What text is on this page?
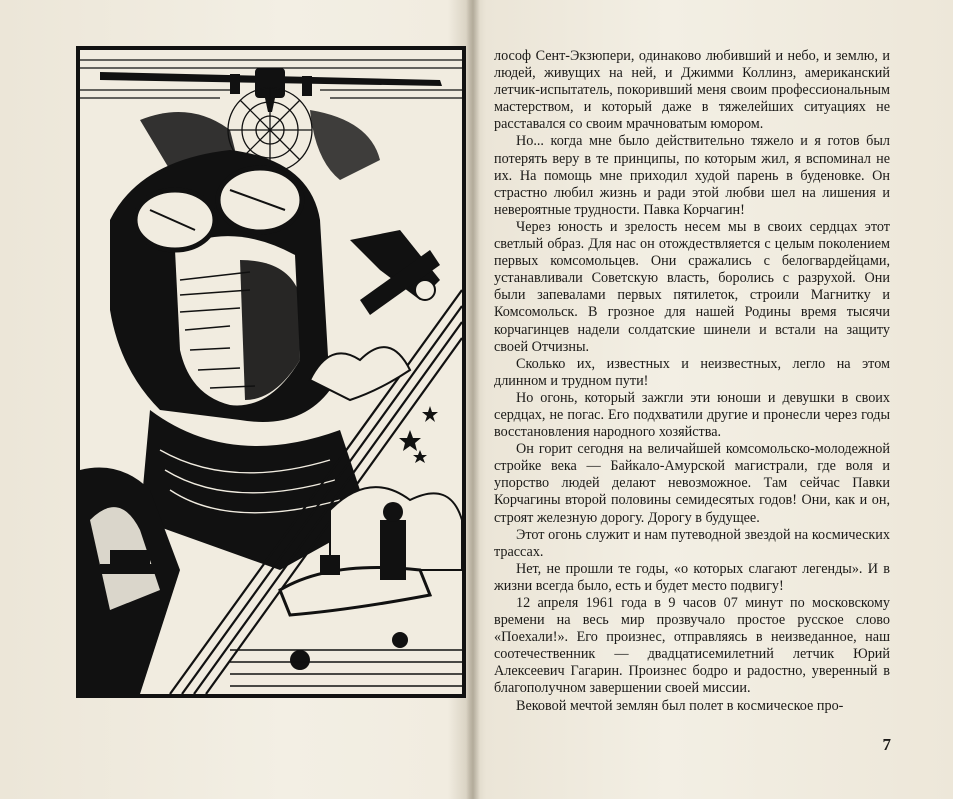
лософ Сент-Экзюпери, одинаково любивший и небо, и землю, и людей, живущих на ней, и Джимми Коллинз, американский летчик-испытатель, покоривший меня своим профессиональным мастерством, и который даже в тяжелейших ситуациях не расставался со своим мрачноватым юмором.

Но... когда мне было действительно тяжело и я готов был потерять веру в те принципы, по которым жил, я вспоминал не их. На помощь мне приходил худой парень в буденовке. Он страстно любил жизнь и ради этой любви шел на лишения и невероятные трудности. Павка Корчагин!

Через юность и зрелость несем мы в своих сердцах этот светлый образ. Для нас он отождествляется с целым поколением первых комсомольцев. Они сражались с белогвардейцами, устанавливали Советскую власть, боролись с разрухой. Они были запевалами первых пятилеток, строили Магнитку и Комсомольск. В грозное для нашей Родины время тысячи корчагинцев надели солдатские шинели и встали на защиту своей Отчизны.

Сколько их, известных и неизвестных, легло на этом длинном и трудном пути!

Но огонь, который зажгли эти юноши и девушки в своих сердцах, не погас. Его подхватили другие и пронесли через годы восстановления народного хозяйства.

Он горит сегодня на величайшей комсомольско-молодежной стройке века — Байкало-Амурской магистрали, где воля и упорство людей делают невозможное. Там сейчас Павки Корчагины второй половины семидесятых годов! Они, как и он, строят железную дорогу. Дорогу в будущее.

Этот огонь служит и нам путеводной звездой на космических трассах.

Нет, не прошли те годы, «о которых слагают легенды». И в жизни всегда было, есть и будет место подвигу!

12 апреля 1961 года в 9 часов 07 минут по московскому времени на весь мир прозвучало простое русское слово «Поехали!». Его произнес, отправляясь в неизведанное, наш соотечественник — двадцатисемилетний летчик Юрий Алексеевич Гагарин. Произнес бодро и радостно, уверенный в благополучном завершении своей миссии.

Вековой мечтой землян был полет в космическое про-

7
